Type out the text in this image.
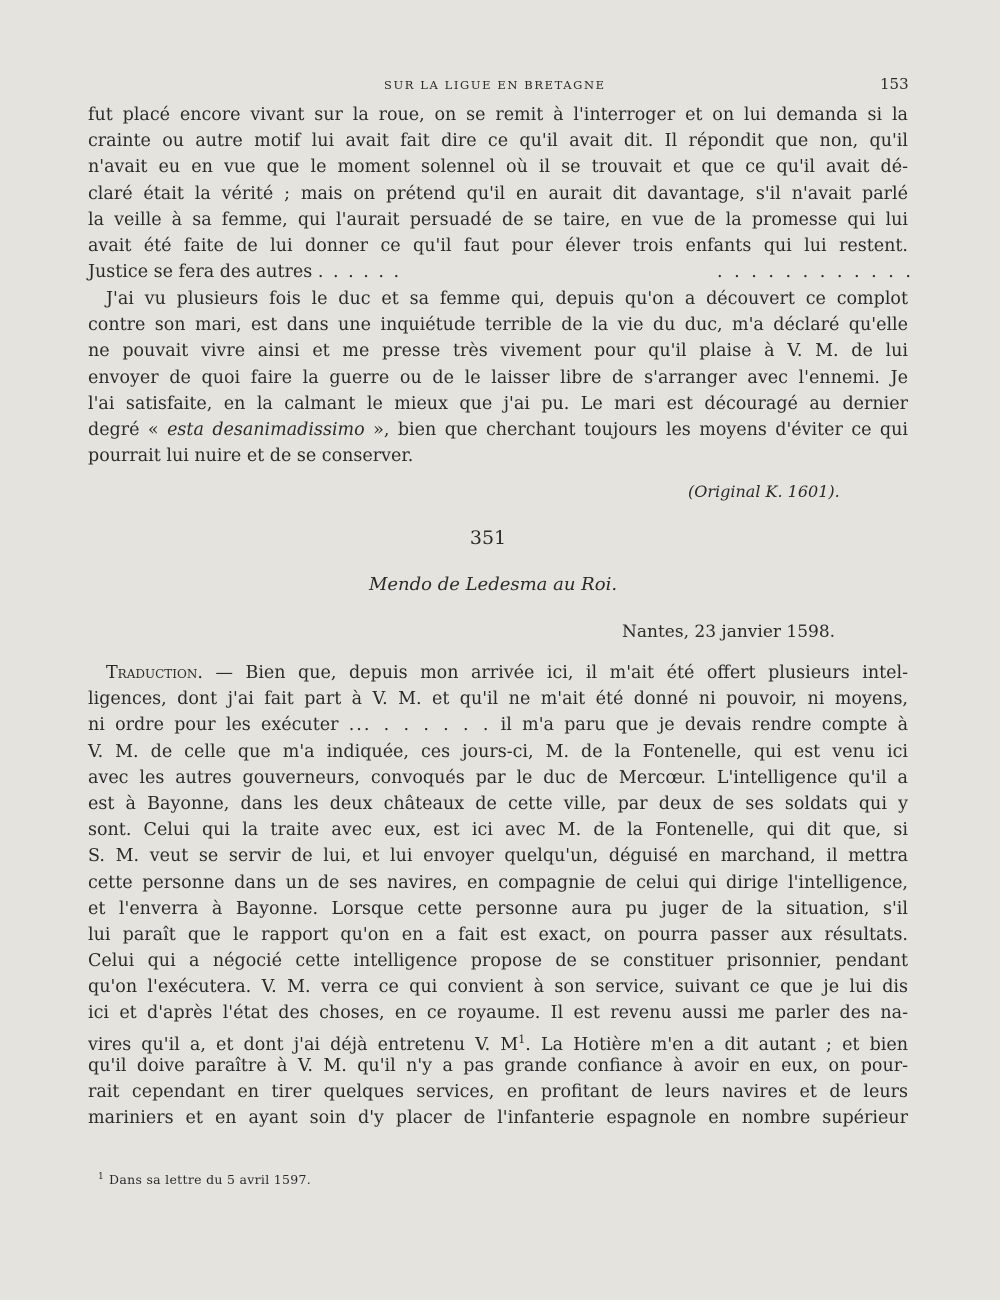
SUR LA LIGUE EN BRETAGNE	153
fut placé encore vivant sur la roue, on se remit à l'interroger et on lui demanda si la
crainte ou autre motif lui avait fait dire ce qu'il avait dit. Il répondit que non, qu'il
n'avait eu en vue que le moment solennel où il se trouvait et que ce qu'il avait dé-
claré était la vérité ; mais on prétend qu'il en aurait dit davantage, s'il n'avait parlé
la veille à sa femme, qui l'aurait persuadé de se taire, en vue de la promesse qui lui
avait été faite de lui donner ce qu'il faut pour élever trois enfants qui lui restent.
Justice se fera des autres . . . . . .	. . . . . . . . . . . .
J'ai vu plusieurs fois le duc et sa femme qui, depuis qu'on a découvert ce complot
contre son mari, est dans une inquiétude terrible de la vie du duc, m'a déclaré qu'elle
ne pouvait vivre ainsi et me presse très vivement pour qu'il plaise à V. M. de lui
envoyer de quoi faire la guerre ou de le laisser libre de s'arranger avec l'ennemi. Je
l'ai satisfaite, en la calmant le mieux que j'ai pu. Le mari est découragé au dernier
degré « esta desanimadissimo », bien que cherchant toujours les moyens d'éviter ce qui
pourrait lui nuire et de se conserver.
(Original K. 1601).
351
Mendo de Ledesma au Roi.
Nantes, 23 janvier 1598.
Traduction. — Bien que, depuis mon arrivée ici, il m'ait été offert plusieurs intel-
ligences, dont j'ai fait part à V. M. et qu'il ne m'ait été donné ni pouvoir, ni moyens,
ni ordre pour les exécuter ... . . . . . . il m'a paru que je devais rendre compte à
V. M. de celle que m'a indiquée, ces jours-ci, M. de la Fontenelle, qui est venu ici
avec les autres gouverneurs, convoqués par le duc de Mercœur. L'intelligence qu'il a
est à Bayonne, dans les deux châteaux de cette ville, par deux de ses soldats qui y
sont. Celui qui la traite avec eux, est ici avec M. de la Fontenelle, qui dit que, si
S. M. veut se servir de lui, et lui envoyer quelqu'un, déguisé en marchand, il mettra
cette personne dans un de ses navires, en compagnie de celui qui dirige l'intelligence,
et l'enverra à Bayonne. Lorsque cette personne aura pu juger de la situation, s'il
lui paraît que le rapport qu'on en a fait est exact, on pourra passer aux résultats.
Celui qui a négocié cette intelligence propose de se constituer prisonnier, pendant
qu'on l'exécutera. V. M. verra ce qui convient à son service, suivant ce que je lui dis
ici et d'après l'état des choses, en ce royaume. Il est revenu aussi me parler des na-
vires qu'il a, et dont j'ai déjà entretenu V. $M^1$. La Hotière m'en a dit autant ; et bien
qu'il doive paraître à V. M. qu'il n'y a pas grande confiance à avoir en eux, on pour-
rait cependant en tirer quelques services, en profitant de leurs navires et de leurs
mariniers et en ayant soin d'y placer de l'infanterie espagnole en nombre supérieur
$^1$ Dans sa lettre du 5 avril 1597.
